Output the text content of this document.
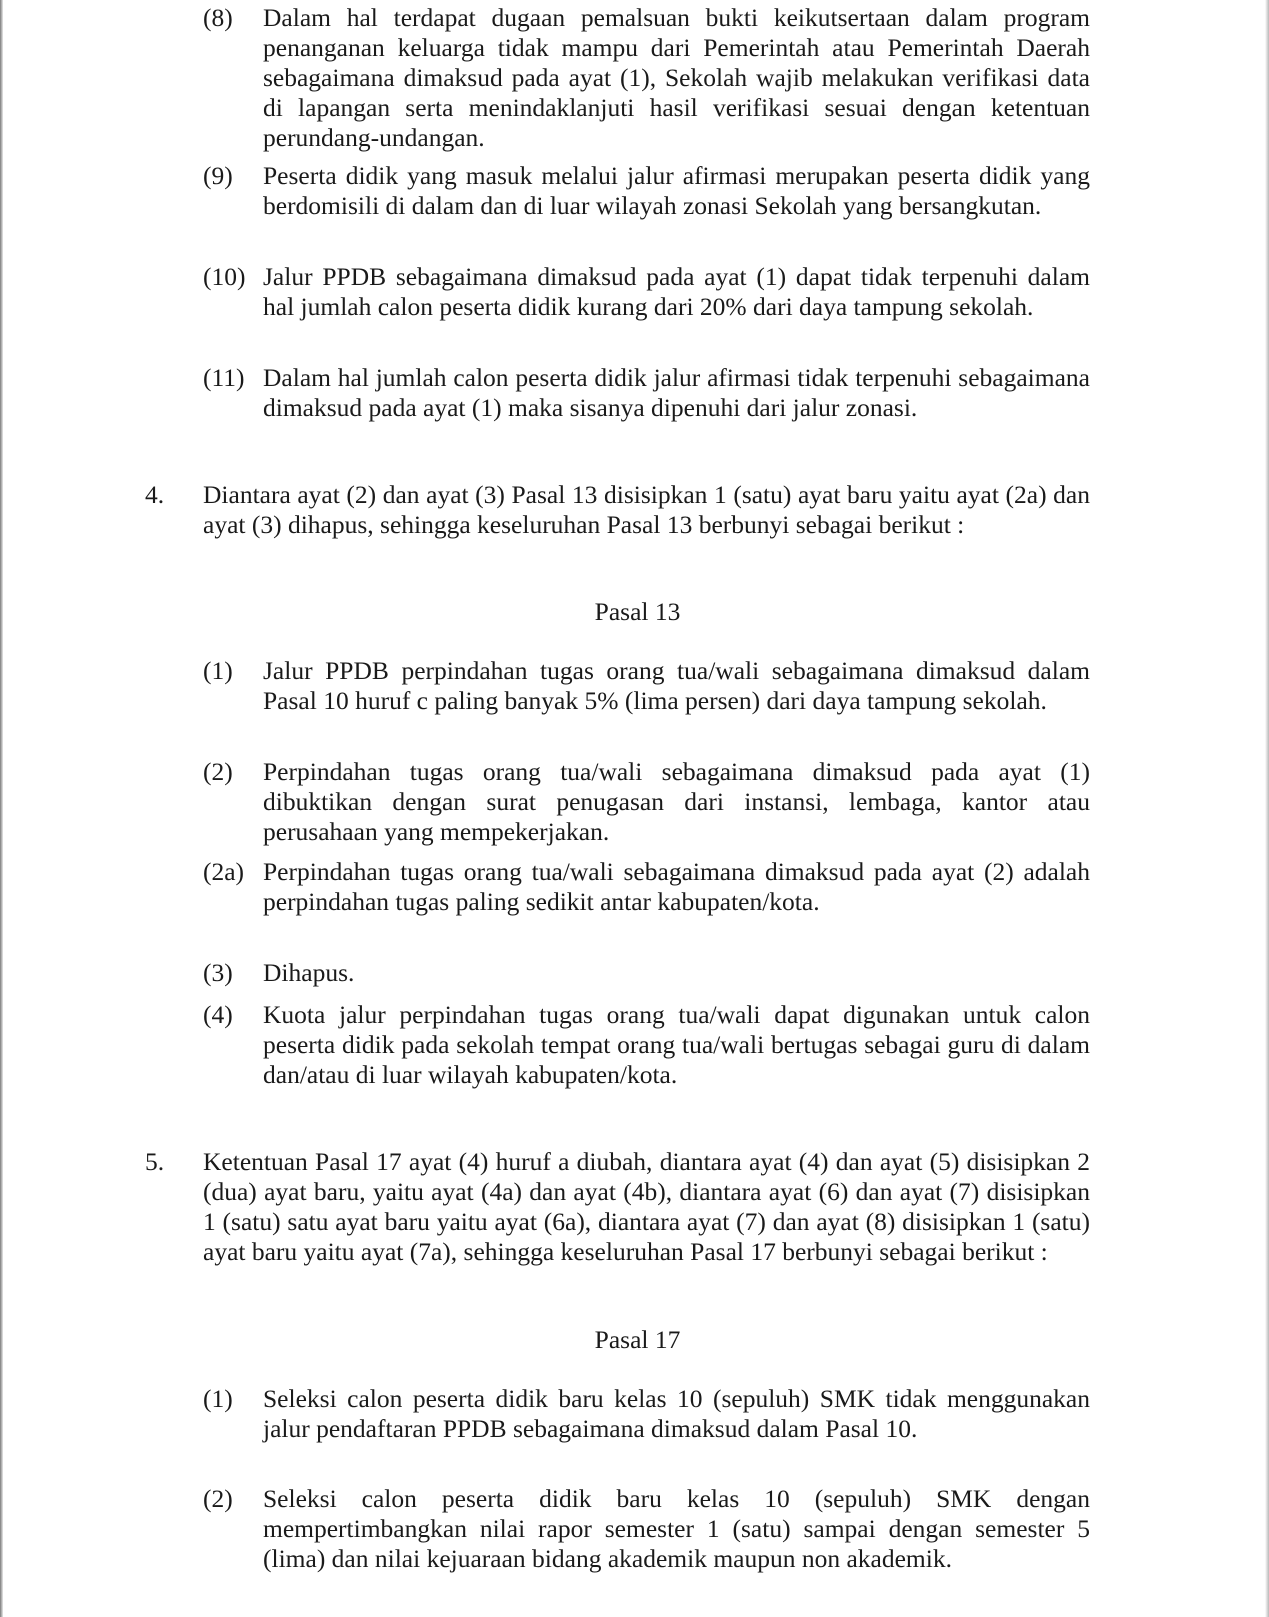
(8)	Dalam hal terdapat dugaan pemalsuan bukti keikutsertaan dalam program penanganan keluarga tidak mampu dari Pemerintah atau Pemerintah Daerah sebagaimana dimaksud pada ayat (1), Sekolah wajib melakukan verifikasi data di lapangan serta menindaklanjuti hasil verifikasi sesuai dengan ketentuan perundang-undangan.
(9)	Peserta didik yang masuk melalui jalur afirmasi merupakan peserta didik yang berdomisili di dalam dan di luar wilayah zonasi Sekolah yang bersangkutan.
(10) Jalur PPDB sebagaimana dimaksud pada ayat (1) dapat tidak terpenuhi dalam hal jumlah calon peserta didik kurang dari 20% dari daya tampung sekolah.
(11) Dalam hal jumlah calon peserta didik jalur afirmasi tidak terpenuhi sebagaimana dimaksud pada ayat (1) maka sisanya dipenuhi dari jalur zonasi.
4.	Diantara ayat (2) dan ayat (3) Pasal 13 disisipkan 1 (satu) ayat baru yaitu ayat (2a) dan ayat (3) dihapus, sehingga keseluruhan Pasal 13 berbunyi sebagai berikut :
Pasal 13
(1)	Jalur PPDB perpindahan tugas orang tua/wali sebagaimana dimaksud dalam Pasal 10 huruf c paling banyak 5% (lima persen) dari daya tampung sekolah.
(2)	Perpindahan tugas orang tua/wali sebagaimana dimaksud pada ayat (1) dibuktikan dengan surat penugasan dari instansi, lembaga, kantor atau perusahaan yang mempekerjakan.
(2a) Perpindahan tugas orang tua/wali sebagaimana dimaksud pada ayat (2) adalah perpindahan tugas paling sedikit antar kabupaten/kota.
(3)	Dihapus.
(4)	Kuota jalur perpindahan tugas orang tua/wali dapat digunakan untuk calon peserta didik pada sekolah tempat orang tua/wali bertugas sebagai guru di dalam dan/atau di luar wilayah kabupaten/kota.
5.	Ketentuan Pasal 17 ayat (4) huruf a diubah, diantara ayat (4) dan ayat (5) disisipkan 2 (dua) ayat baru, yaitu ayat (4a) dan ayat (4b), diantara ayat (6) dan ayat (7) disisipkan 1 (satu) satu ayat baru yaitu ayat (6a), diantara ayat (7) dan ayat (8) disisipkan 1 (satu) ayat baru yaitu ayat (7a), sehingga keseluruhan Pasal 17 berbunyi sebagai berikut :
Pasal 17
(1)	Seleksi calon peserta didik baru kelas 10 (sepuluh) SMK tidak menggunakan jalur pendaftaran PPDB sebagaimana dimaksud dalam Pasal 10.
(2)	Seleksi calon peserta didik baru kelas 10 (sepuluh) SMK dengan mempertimbangkan nilai rapor semester 1 (satu) sampai dengan semester 5 (lima) dan nilai kejuaraan bidang akademik maupun non akademik.
